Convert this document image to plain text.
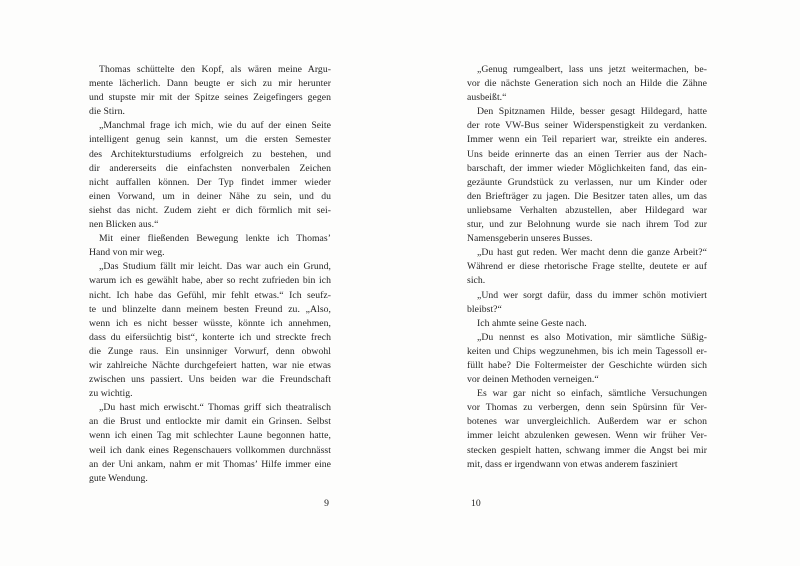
Thomas schüttelte den Kopf, als wären meine Argu-
mente lächerlich. Dann beugte er sich zu mir herunter
und stupste mir mit der Spitze seines Zeigefingers gegen
die Stirn.
„Manchmal frage ich mich, wie du auf der einen Seite
intelligent genug sein kannst, um die ersten Semester
des Architekturstudiums erfolgreich zu bestehen, und
dir andererseits die einfachsten nonverbalen Zeichen
nicht auffallen können. Der Typ findet immer wieder
einen Vorwand, um in deiner Nähe zu sein, und du
siehst das nicht. Zudem zieht er dich förmlich mit sei-
nen Blicken aus.“
Mit einer fließenden Bewegung lenkte ich Thomas’
Hand von mir weg.
„Das Studium fällt mir leicht. Das war auch ein Grund,
warum ich es gewählt habe, aber so recht zufrieden bin ich
nicht. Ich habe das Gefühl, mir fehlt etwas.“ Ich seufz-
te und blinzelte dann meinem besten Freund zu. „Also,
wenn ich es nicht besser wüsste, könnte ich annehmen,
dass du eifersüchtig bist“, konterte ich und streckte frech
die Zunge raus. Ein unsinniger Vorwurf, denn obwohl
wir zahlreiche Nächte durchgefeiert hatten, war nie etwas
zwischen uns passiert. Uns beiden war die Freundschaft
zu wichtig.
„Du hast mich erwischt.“ Thomas griff sich theatralisch
an die Brust und entlockte mir damit ein Grinsen. Selbst
wenn ich einen Tag mit schlechter Laune begonnen hatte,
weil ich dank eines Regenschauers vollkommen durchnässt
an der Uni ankam, nahm er mit Thomas’ Hilfe immer eine
gute Wendung.
9
„Genug rumgealbert, lass uns jetzt weitermachen, be-
vor die nächste Generation sich noch an Hilde die Zähne
ausbeißt.“
Den Spitznamen Hilde, besser gesagt Hildegard, hatte
der rote VW-Bus seiner Widerspenstigkeit zu verdanken.
Immer wenn ein Teil repariert war, streikte ein anderes.
Uns beide erinnerte das an einen Terrier aus der Nach-
barschaft, der immer wieder Möglichkeiten fand, das ein-
gezäunte Grundstück zu verlassen, nur um Kinder oder
den Briefträger zu jagen. Die Besitzer taten alles, um das
unliebsame Verhalten abzustellen, aber Hildegard war
stur, und zur Belohnung wurde sie nach ihrem Tod zur
Namensgeberin unseres Busses.
„Du hast gut reden. Wer macht denn die ganze Arbeit?“
Während er diese rhetorische Frage stellte, deutete er auf
sich.
„Und wer sorgt dafür, dass du immer schön motiviert
bleibst?“
Ich ahmte seine Geste nach.
„Du nennst es also Motivation, mir sämtliche Süßig-
keiten und Chips wegzunehmen, bis ich mein Tagessoll er-
füllt habe? Die Foltermeister der Geschichte würden sich
vor deinen Methoden verneigen.“
Es war gar nicht so einfach, sämtliche Versuchungen
vor Thomas zu verbergen, denn sein Spürsinn für Ver-
botenes war unvergleichlich. Außerdem war er schon
immer leicht abzulenken gewesen. Wenn wir früher Ver-
stecken gespielt hatten, schwang immer die Angst bei mir
mit, dass er irgendwann von etwas anderem fasziniert
10
